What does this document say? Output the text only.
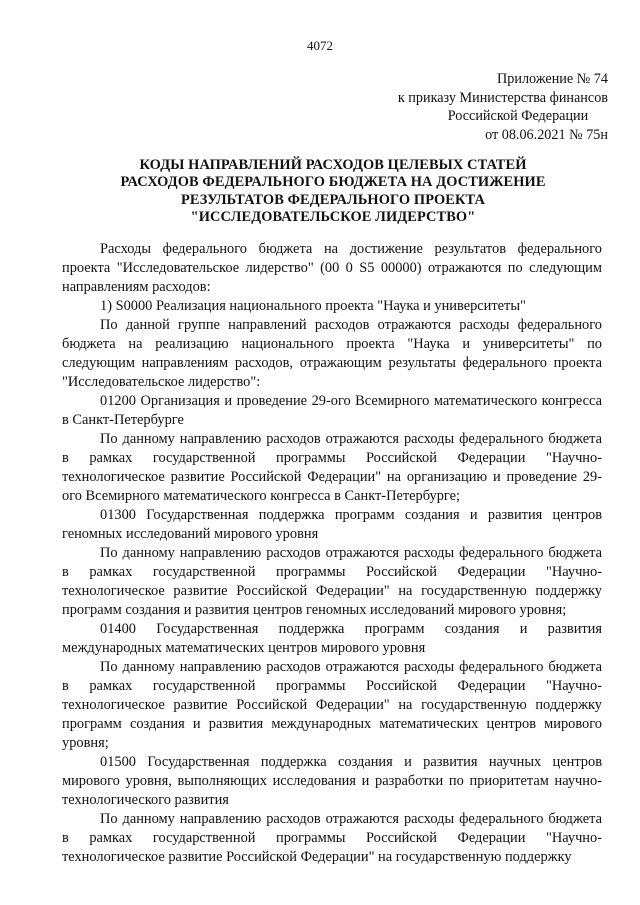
4072
Приложение № 74
к приказу Министерства финансов
Российской Федерации
от 08.06.2021 № 75н
КОДЫ НАПРАВЛЕНИЙ РАСХОДОВ ЦЕЛЕВЫХ СТАТЕЙ
РАСХОДОВ ФЕДЕРАЛЬНОГО БЮДЖЕТА НА ДОСТИЖЕНИЕ
РЕЗУЛЬТАТОВ ФЕДЕРАЛЬНОГО ПРОЕКТА
"ИССЛЕДОВАТЕЛЬСКОЕ ЛИДЕРСТВО"

Расходы федерального бюджета на достижение результатов федерального проекта "Исследовательское лидерство" (00 0 S5 00000) отражаются по следующим направлениям расходов:

1) S0000 Реализация национального проекта "Наука и университеты"

По данной группе направлений расходов отражаются расходы федерального бюджета на реализацию национального проекта "Наука и университеты" по следующим направлениям расходов, отражающим результаты федерального проекта "Исследовательское лидерство":

01200 Организация и проведение 29-ого Всемирного математического конгресса в Санкт-Петербурге

По данному направлению расходов отражаются расходы федерального бюджета в рамках государственной программы Российской Федерации "Научно-технологическое развитие Российской Федерации" на организацию и проведение 29-ого Всемирного математического конгресса в Санкт-Петербурге;

01300 Государственная поддержка программ создания и развития центров геномных исследований мирового уровня

По данному направлению расходов отражаются расходы федерального бюджета в рамках государственной программы Российской Федерации "Научно-технологическое развитие Российской Федерации" на государственную поддержку программ создания и развития центров геномных исследований мирового уровня;

01400 Государственная поддержка программ создания и развития международных математических центров мирового уровня

По данному направлению расходов отражаются расходы федерального бюджета в рамках государственной программы Российской Федерации "Научно-технологическое развитие Российской Федерации" на государственную поддержку программ создания и развития международных математических центров мирового уровня;

01500 Государственная поддержка создания и развития научных центров мирового уровня, выполняющих исследования и разработки по приоритетам научно-технологического развития

По данному направлению расходов отражаются расходы федерального бюджета в рамках государственной программы Российской Федерации "Научно-технологическое развитие Российской Федерации" на государственную поддержку
